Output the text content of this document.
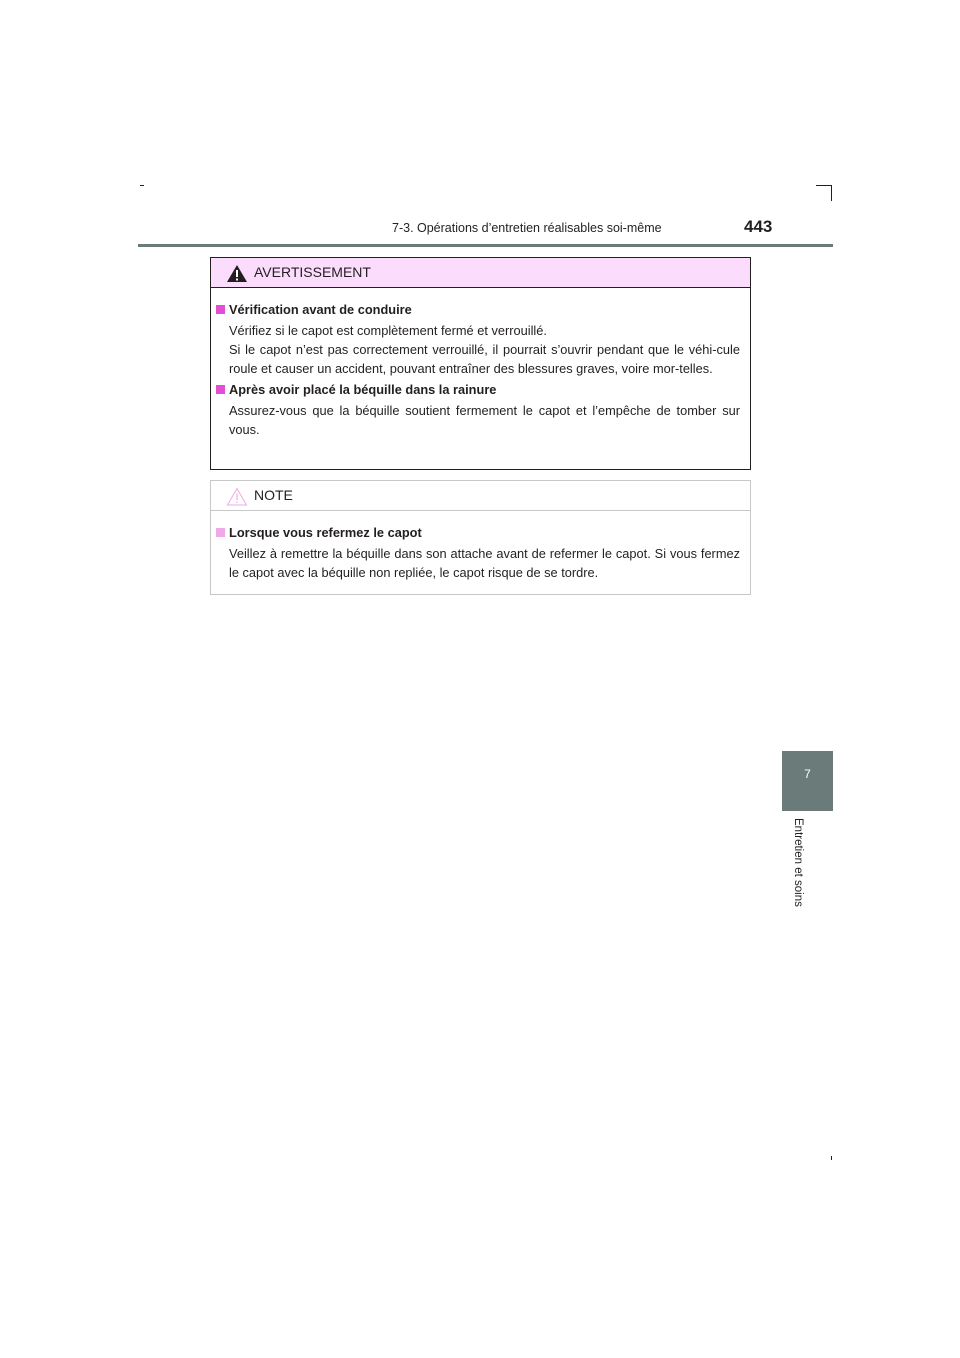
7-3. Opérations d’entretien réalisables soi-même	443
7
Entretien et soins
AVERTISSEMENT
Vérification avant de conduire
Vérifiez si le capot est complètement fermé et verrouillé.
Si le capot n’est pas correctement verrouillé, il pourrait s’ouvrir pendant que le véhi-cule roule et causer un accident, pouvant entraîner des blessures graves, voire mor-telles.
Après avoir placé la béquille dans la rainure
Assurez-vous que la béquille soutient fermement le capot et l’empêche de tomber sur vous.
NOTE
Lorsque vous refermez le capot
Veillez à remettre la béquille dans son attache avant de refermer le capot. Si vous fermez le capot avec la béquille non repliée, le capot risque de se tordre.
